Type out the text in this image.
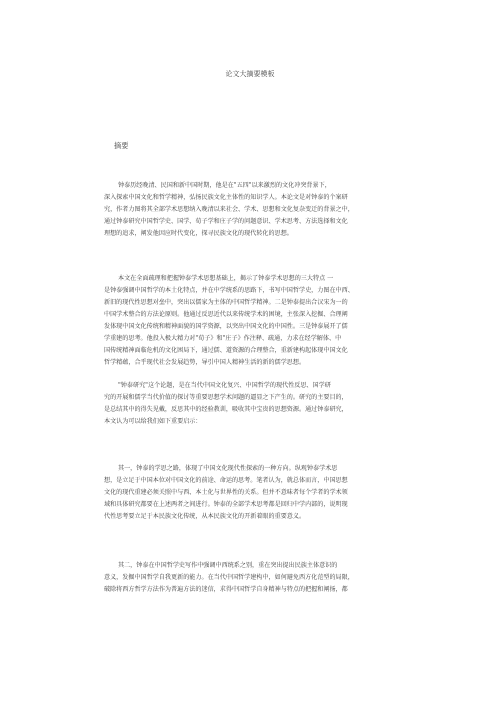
论文大摘要模板
摘要
钟泰历经晚清、民国和新中国时期，他是在"五四"以来激烈的文化冲突背景下，
深入探索中国文化和哲学精神，弘扬民族文化主体性的知识学人。本论文是对钟泰的个案研
究，作者力图将其全部学术思想纳入晚清以来社会、学术、思想和文化复杂变迁的背景之中，
通过钟泰研究中国哲学史、国学、荀子学和庄子学的问题意识、学术思考、方法选择和文化
理想的追求，阐发他因应时代变化，探寻民族文化的现代转化的思想。
本文在全面疏理和把握钟泰学术思想基础上，揭示了钟泰学术思想的三大特点 一
是钟泰强调中国哲学的本土化特点，并在中学统系的思路下，书写中国哲学史，力图在中西、
新旧的现代性思想对垒中，突出以儒家为主体的中国哲学精神。二是钟泰提出合汉宋为一的
中国学术整合的方法论原则。他通过反思近代以来传统学术的困境，主张深入挖掘、合理阐
发体现中国文化传统和精神面貌的国学资源，以突出中国文化的中国性。三是钟泰展开了儒
学重建的思考。他投入极大精力对"荀子》和"庄子》作注释、疏通，力求在经学解体、中
国传统精神面临危机的文化困局下，通过儒、道资源的合理整合，重新建构起体现中国文化
哲学精蕴，合乎现代社会发展趋势，导引中国人精神生活的新的儒学思想。
"钟泰研究"这个论题，是在当代中国文化复兴、中国哲学的现代性反思、国学研
究的开展和儒学当代价值的探讨等重要思想学术问题的逼显之下产生的。研究的主要目的，
是总结其中的得失见戴，反思其中的经验教训，吸收其中宝贵的思想资源。通过钟泰研究，
本文认为可以给我们如下重要启示：
其一，钟泰的学思之路，体现了中国文化现代性探索的一种方向。纵观钟泰学术思
想，是立足于中国本位对中国文化的前途、命运的思考。笔者认为，就总体而言，中国思想
文化的现代重建必须关照中与西、本土化与世界性的关系。但并不意味者每个学者的学术领
域和具体研究都要在上述两者之间进行。钟泰的全部学术思考都是回归中学内部的，说明现
代性思考要立足于本民族文化传统，从本民族文化的开新着眼的重要意义。
其二，钟泰在中国哲学史写作中强调中西统系之别，重在突出提出民族主体意识的
意义，发掘中国哲学自我更新的能力。在当代中国哲学建构中，如何避免西方化范型的局限，
破除将西方哲学方法作为普遍方法的迷信，求得中国哲学自身精神与特点的把握和阐扬，都
